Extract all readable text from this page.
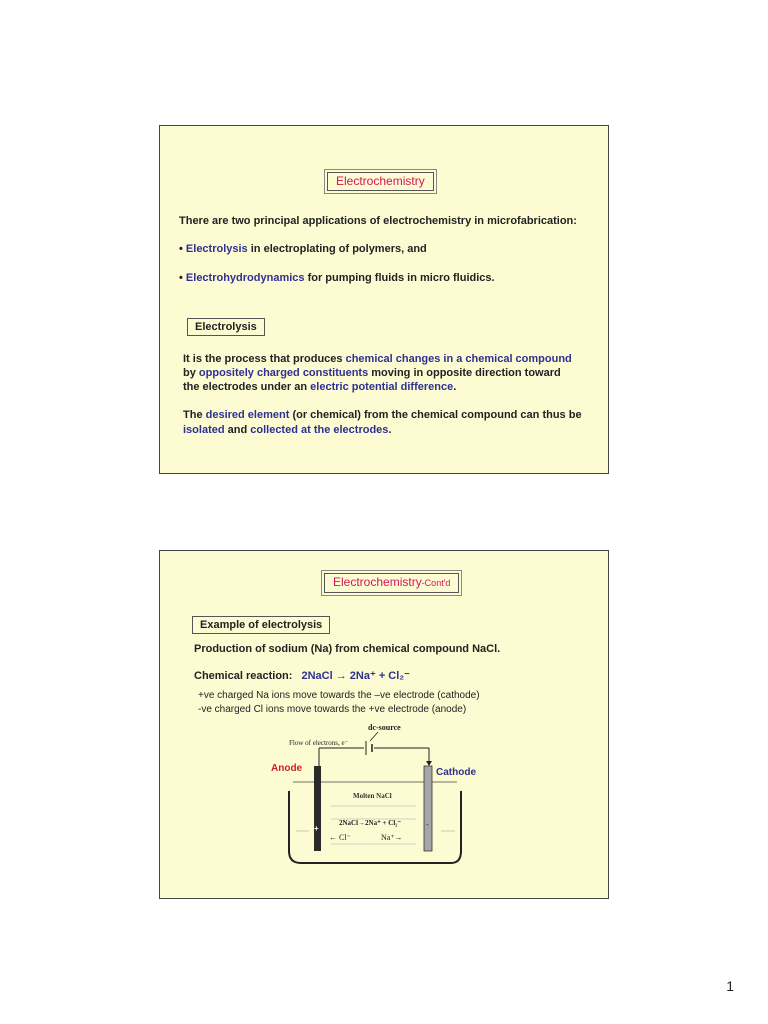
Electrochemistry
There are two principal applications of electrochemistry in microfabrication:
• Electrolysis in electroplating of polymers, and
• Electrohydrodynamics for pumping fluids in micro fluidics.
Electrolysis
It is the process that produces chemical changes in a chemical compound
by oppositely charged constituents moving in opposite direction toward
the electrodes under an electric potential difference.
The desired element (or chemical) from the chemical compound can thus be
isolated and collected at the electrodes.
Electrochemistry-Cont'd
Example of electrolysis
Production of sodium (Na) from chemical compound NaCl.
Chemical reaction: 2NaCl → 2Na⁺ + Cl₂⁻
+ve charged Na ions move towards the –ve electrode (cathode)
-ve charged Cl ions move towards the +ve electrode (anode)
dc-source
Flow of electrons, e⁻
Anode	Cathode
+	-
Molten NaCl
2NaCl→2Na⁺ + Cl₂⁻
← Cl⁻	Na⁺→
1
